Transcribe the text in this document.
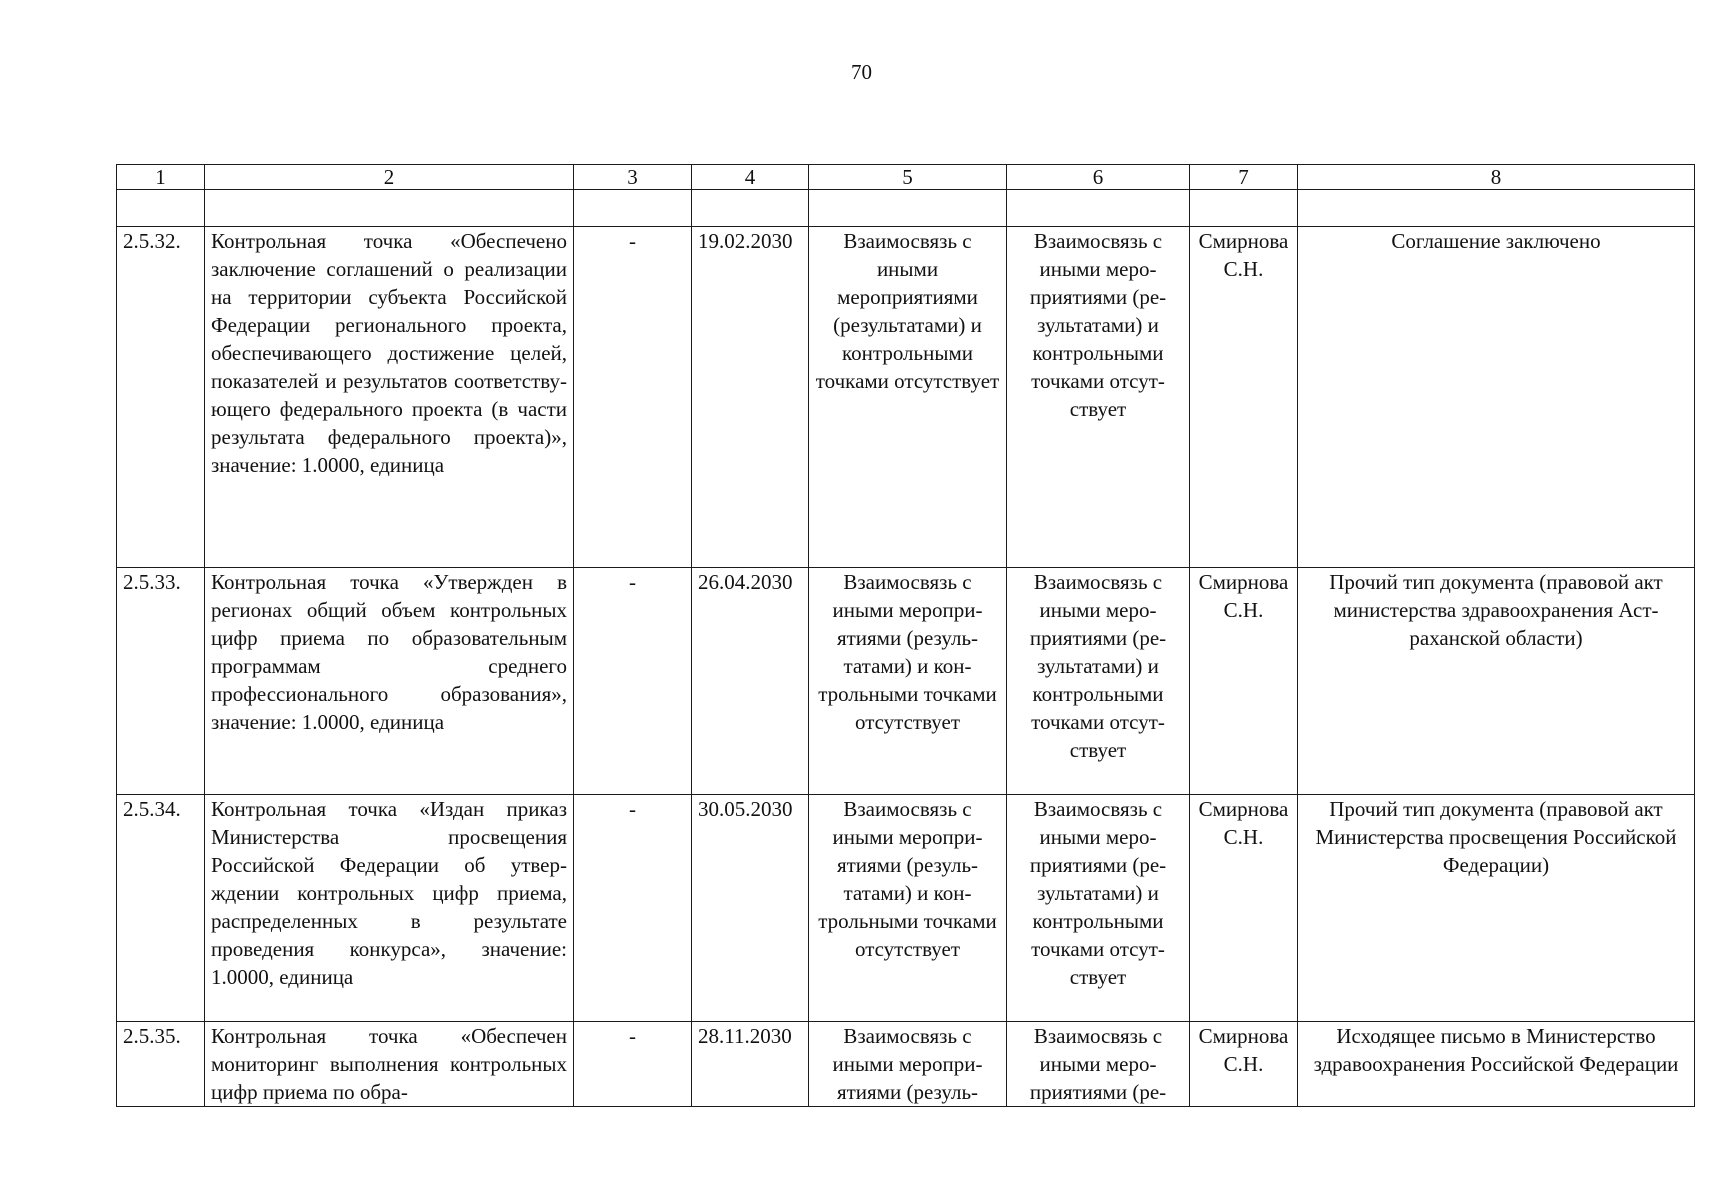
70
1	2	3	4	5	6	7	8

2.5.32.	Контрольная точка «Обеспечено заключение соглашений о реализации на территории субъекта Российской Федерации регионального проекта, обеспечивающего достижение целей, показателей и результатов соответствующего федерального проекта (в части результата федерального проекта)», значение: 1.0000, единица	-	19.02.2030	Взаимосвязь с иными мероприятиями (результатами) и контрольными точками отсутствует	Взаимосвязь с иными мероприятиями (результатами) и контрольными точками отсутствует	Смирнова С.Н.	Соглашение заключено
2.5.33.	Контрольная точка «Утвержден в регионах общий объем контрольных цифр приема по образовательным программам среднего профессионального образования», значение: 1.0000, единица	-	26.04.2030	Взаимосвязь с иными мероприятиями (результатами) и контрольными точками отсутствует	Взаимосвязь с иными мероприятиями (результатами) и контрольными точками отсутствует	Смирнова С.Н.	Прочий тип документа (правовой акт министерства здравоохранения Астраханской области)
2.5.34.	Контрольная точка «Издан приказ Министерства просвещения Российской Федерации об утверждении контрольных цифр приема, распределенных в результате проведения конкурса», значение: 1.0000, единица	-	30.05.2030	Взаимосвязь с иными мероприятиями (результатами) и контрольными точками отсутствует	Взаимосвязь с иными мероприятиями (результатами) и контрольными точками отсутствует	Смирнова С.Н.	Прочий тип документа (правовой акт Министерства просвещения Российской Федерации)
2.5.35.	Контрольная точка «Обеспечен мониторинг выполнения контрольных цифр приема по обра-	-	28.11.2030	Взаимосвязь с иными мероприятиями (резуль-	Взаимосвязь с иными мероприятиями (ре-	Смирнова С.Н.	Исходящее письмо в Министерство здравоохранения Российской Федерации
